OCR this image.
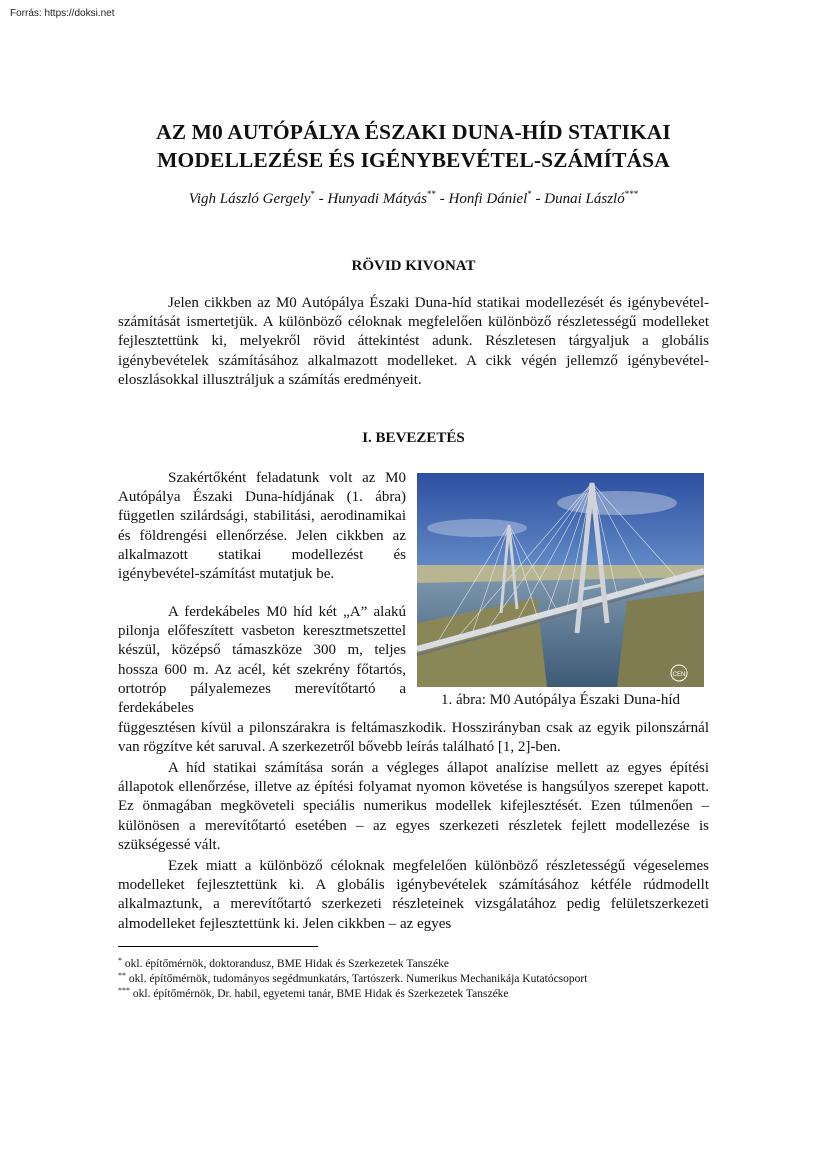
Forrás: https://doksi.net
AZ M0 AUTÓPÁLYA ÉSZAKI DUNA-HÍD STATIKAI
MODELLEZÉSE ÉS IGÉNYBEVÉTEL-SZÁMÍTÁSA
Vigh László Gergely* - Hunyadi Mátyás** - Honfi Dániel* - Dunai László***
RÖVID KIVONAT

Jelen cikkben az M0 Autópálya Északi Duna-híd statikai modellezését és igénybevétel-számítását ismertetjük. A különböző céloknak megfelelően különböző részletességű modelleket fejlesztettünk ki, melyekről rövid áttekintést adunk. Részletesen tárgyaljuk a globális igénybevételek számításához alkalmazott modelleket. A cikk végén jellemző igénybevétel-eloszlásokkal illusztráljuk a számítás eredményeit.

I. BEVEZETÉS

Szakértőként feladatunk volt az M0 Autópálya Északi Duna-hídjának (1. ábra) független szilárdsági, stabilitási, aerodinamikai és földrengési ellenőrzése. Jelen cikkben az alkalmazott statikai modellezést és igénybevétel-számítást mutatjuk be.

A ferdekábeles M0 híd két „A” alakú pilonja előfeszített vasbeton keresztmetszettel készül, középső támaszköze 300 m, teljes hossza 600 m. Az acél, két szekrény főtartós, ortotróp pályalemezes merevítőtartó a ferdekábeles

CEN
1. ábra: M0 Autópálya Északi Duna-híd

függesztésen kívül a pilonszárakra is feltámaszkodik. Hosszirányban csak az egyik pilonszárnál van rögzítve két saruval. A szerkezetről bővebb leírás található [1, 2]-ben.

A híd statikai számítása során a végleges állapot analízise mellett az egyes építési állapotok ellenőrzése, illetve az építési folyamat nyomon követése is hangsúlyos szerepet kapott. Ez önmagában megköveteli speciális numerikus modellek kifejlesztését. Ezen túlmenően – különösen a merevítőtartó esetében – az egyes szerkezeti részletek fejlett modellezése is szükségessé vált.

Ezek miatt a különböző céloknak megfelelően különböző részletességű végeselemes modelleket fejlesztettünk ki. A globális igénybevételek számításához kétféle rúdmodellt alkalmaztunk, a merevítőtartó szerkezeti részleteinek vizsgálatához pedig felületszerkezeti almodelleket fejlesztettünk ki. Jelen cikkben – az egyes

* okl. építőmérnök, doktorandusz, BME Hidak és Szerkezetek Tanszéke
** okl. építőmérnök, tudományos segédmunkatárs, Tartószerk. Numerikus Mechanikája Kutatócsoport
*** okl. építőmérnök, Dr. habil, egyetemi tanár, BME Hidak és Szerkezetek Tanszéke
